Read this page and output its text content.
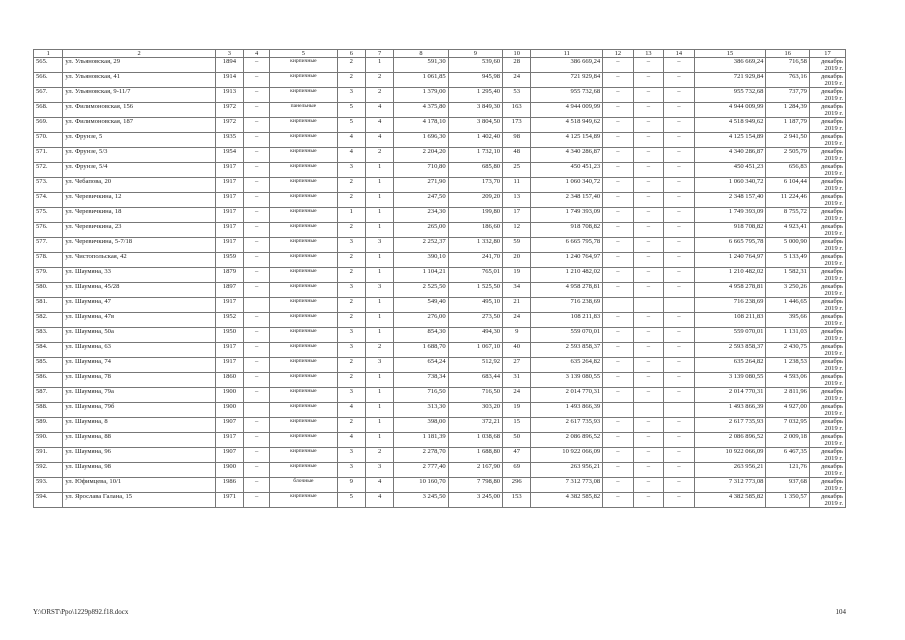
1	2	3	4	5	6	7	8	9	10	11	12	13	14	15	16	17
565.	ул. Ульяновская, 29	1894	–	кирпичные	2	1	591,30	539,60	28	386 669,24	–	–	–	386 669,24	716,58	декабрь 2019 г.
566.	ул. Ульяновская, 41	1914	–	кирпичные	2	2	1 061,85	945,98	24	721 929,84	–	–	–	721 929,84	763,16	декабрь 2019 г.
567.	ул. Ульяновская, 9-11/7	1913	–	кирпичные	3	2	1 379,00	1 295,40	53	955 732,68	–	–	–	955 732,68	737,79	декабрь 2019 г.
568.	ул. Филимоновская, 156	1972	–	панельные	5	4	4 375,80	3 849,30	163	4 944 009,99	–	–	–	4 944 009,99	1 284,39	декабрь 2019 г.
569.	ул. Филимоновская, 187	1972	–	кирпичные	5	4	4 178,10	3 804,50	173	4 518 949,62	–	–	–	4 518 949,62	1 187,79	декабрь 2019 г.
570.	ул. Фрунзе, 5	1935	–	кирпичные	4	4	1 696,30	1 402,40	98	4 125 154,89	–	–	–	4 125 154,89	2 941,50	декабрь 2019 г.
571.	ул. Фрунзе, 5/3	1954	–	кирпичные	4	2	2 204,20	1 732,10	48	4 340 286,87	–	–	–	4 340 286,87	2 505,79	декабрь 2019 г.
572.	ул. Фрунзе, 5/4	1917	–	кирпичные	3	1	710,80	685,80	25	450 451,23	–	–	–	450 451,23	656,83	декабрь 2019 г.
573.	ул. Чебапова, 20	1917	–	кирпичные	2	1	271,90	173,70	11	1 060 340,72	–	–	–	1 060 340,72	6 104,44	декабрь 2019 г.
574.	ул. Черевичкина, 12	1917	–	кирпичные	2	1	247,50	209,20	13	2 348 157,40	–	–	–	2 348 157,40	11 224,46	декабрь 2019 г.
575.	ул. Черевичкина, 18	1917	–	кирпичные	1	1	234,30	199,80	17	1 749 393,09	–	–	–	1 749 393,09	8 755,72	декабрь 2019 г.
576.	ул. Черевичкина, 23	1917	–	кирпичные	2	1	265,00	186,60	12	918 708,82	–	–	–	918 708,82	4 923,41	декабрь 2019 г.
577.	ул. Черевичкина, 5-7/18	1917	–	кирпичные	3	3	2 252,37	1 332,80	59	6 665 795,78	–	–	–	6 665 795,78	5 000,90	декабрь 2019 г.
578.	ул. Чистопольская, 42	1959	–	кирпичные	2	1	390,10	241,70	20	1 240 764,97	–	–	–	1 240 764,97	5 133,49	декабрь 2019 г.
579.	ул. Шаумяна, 33	1879	–	кирпичные	2	1	1 104,21	765,01	19	1 210 482,02	–	–	–	1 210 482,02	1 582,31	декабрь 2019 г.
580.	ул. Шаумяна, 45/28	1897	–	кирпичные	3	3	2 525,50	1 525,50	34	4 958 278,81	–	–	–	4 958 278,81	3 250,26	декабрь 2019 г.
581.	ул. Шаумяна, 47	1917		кирпичные	2	1	549,40	495,10	21	716 238,69				716 238,69	1 446,65	декабрь 2019 г.
582.	ул. Шаумяна, 47в	1952	–	кирпичные	2	1	276,00	273,50	24	108 211,83	–	–	–	108 211,83	395,66	декабрь 2019 г.
583.	ул. Шаумяна, 50а	1950	–	кирпичные	3	1	854,30	494,30	9	559 070,01	–	–	–	559 070,01	1 131,03	декабрь 2019 г.
584.	ул. Шаумяна, 63	1917	–	кирпичные	3	2	1 688,70	1 067,10	40	2 593 858,37	–	–	–	2 593 858,37	2 430,75	декабрь 2019 г.
585.	ул. Шаумяна, 74	1917	–	кирпичные	2	3	654,24	512,92	27	635 264,82	–	–	–	635 264,82	1 238,53	декабрь 2019 г.
586.	ул. Шаумяна, 78	1860	–	кирпичные	2	1	738,34	683,44	31	3 139 080,55	–	–	–	3 139 080,55	4 593,06	декабрь 2019 г.
587.	ул. Шаумяна, 79а	1900	–	кирпичные	3	1	716,50	716,50	24	2 014 770,31	–	–	–	2 014 770,31	2 811,96	декабрь 2019 г.
588.	ул. Шаумяна, 79б	1900		кирпичные	4	1	313,30	303,20	19	1 493 866,39				1 493 866,39	4 927,00	декабрь 2019 г.
589.	ул. Шаумяна, 8	1907	–	кирпичные	2	1	398,00	372,21	15	2 617 735,93	–	–	–	2 617 735,93	7 032,95	декабрь 2019 г.
590.	ул. Шаумяна, 88	1917	–	кирпичные	4	1	1 181,39	1 038,68	50	2 086 896,52	–	–	–	2 086 896,52	2 009,18	декабрь 2019 г.
591.	ул. Шаумяна, 96	1907	–	кирпичные	3	2	2 278,70	1 688,80	47	10 922 066,09	–	–	–	10 922 066,09	6 467,35	декабрь 2019 г.
592.	ул. Шаумяна, 98	1900	–	кирпичные	3	3	2 777,40	2 167,90	69	263 956,21	–	–	–	263 956,21	121,76	декабрь 2019 г.
593.	ул. Юфимцева, 10/1	1986	–	блочные	9	4	10 160,70	7 798,80	296	7 312 773,08	–	–	–	7 312 773,08	937,68	декабрь 2019 г.
594.	ул. Ярослава Галана, 15	1971	–	кирпичные	5	4	3 245,50	3 245,00	153	4 382 585,82	–	–	–	4 382 585,82	1 350,57	декабрь 2019 г.
Y:\ORST\Ppo\1229p892.f18.docx	104
